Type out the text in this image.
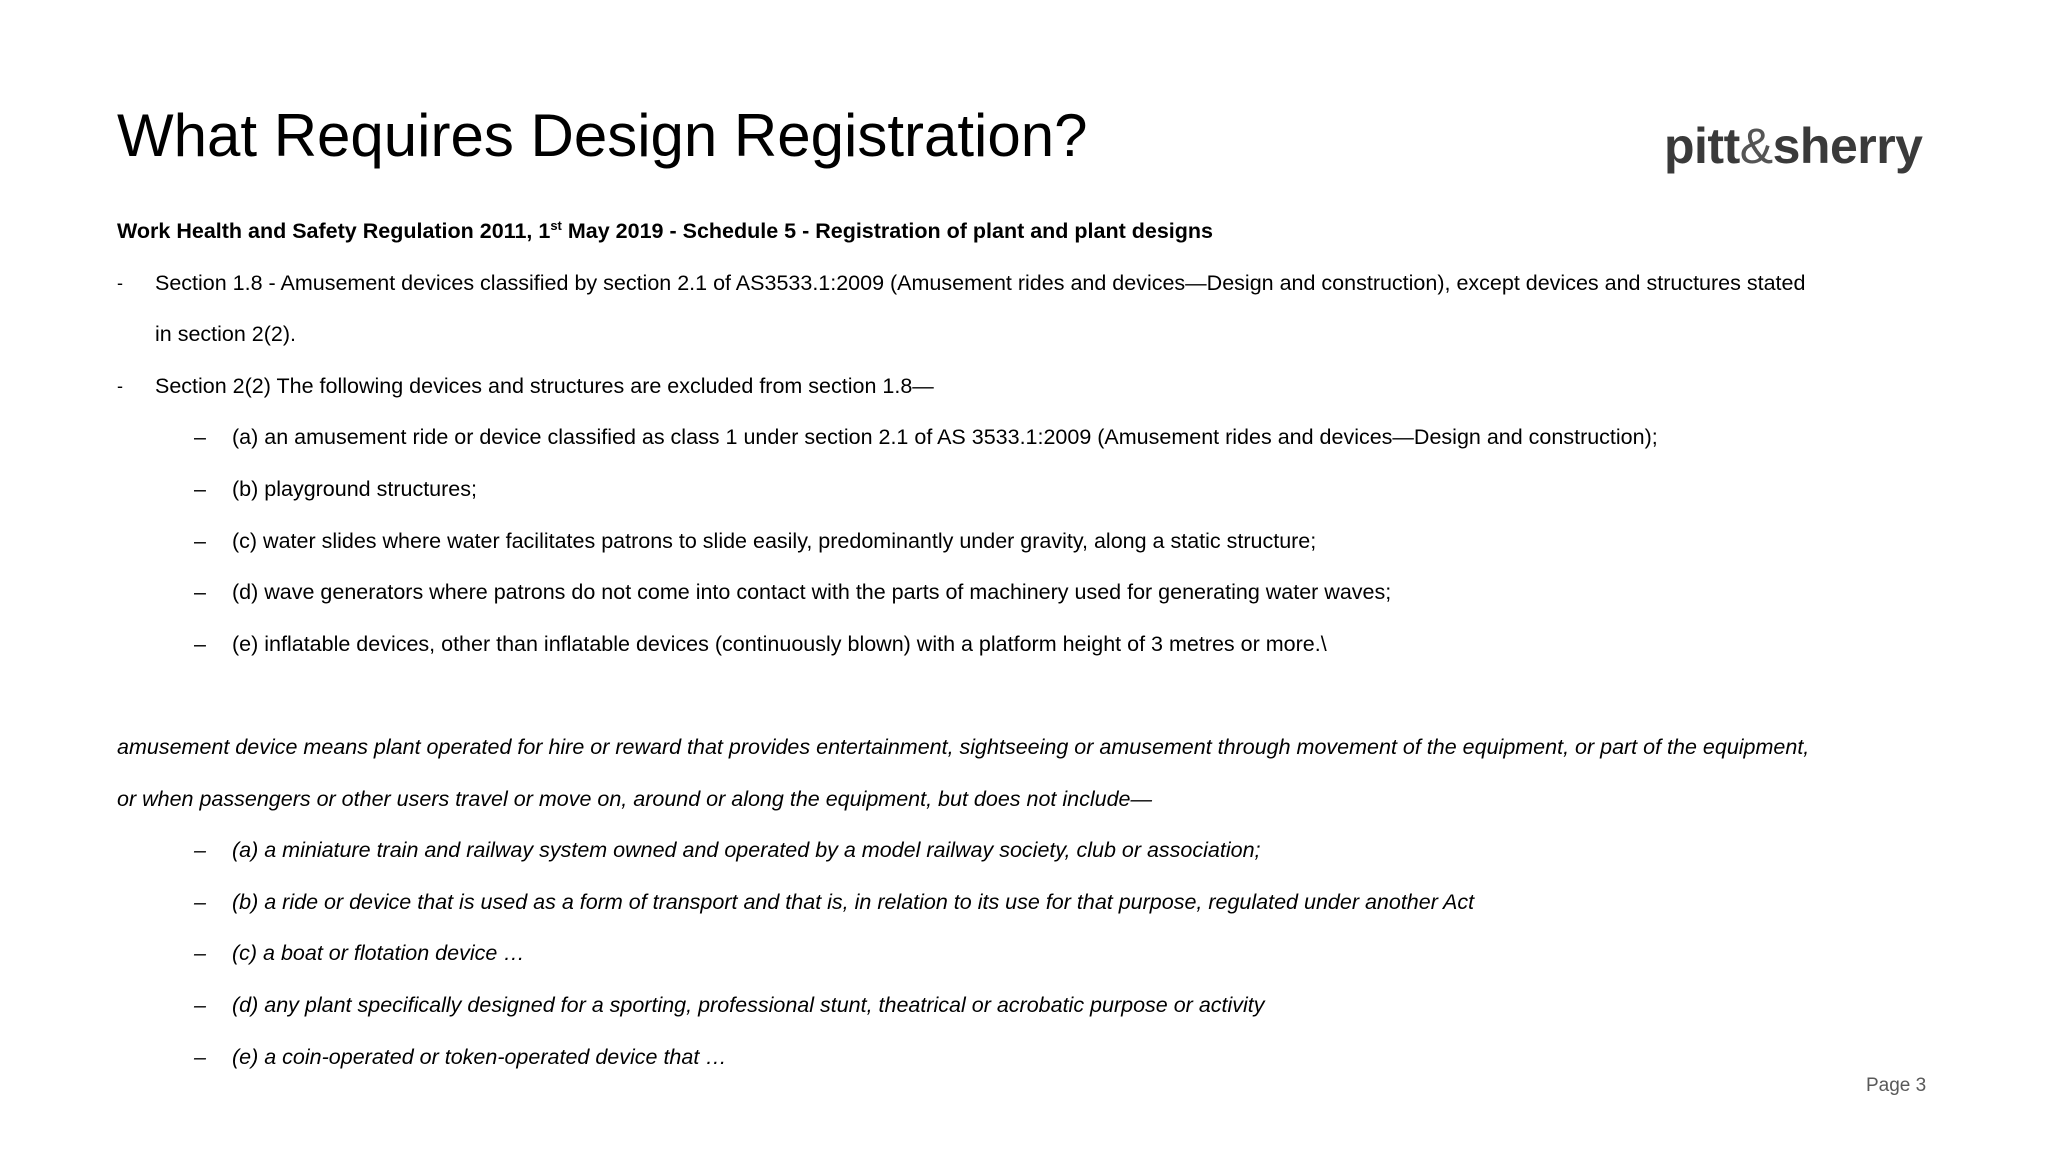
What Requires Design Registration?	pitt&sherry
Work Health and Safety Regulation 2011, 1st May 2019 - Schedule 5 - Registration of plant and plant designs
-	Section 1.8 - Amusement devices classified by section 2.1 of AS3533.1:2009 (Amusement rides and devices—Design and construction), except devices and structures stated
in section 2(2).
-	Section 2(2) The following devices and structures are excluded from section 1.8—
–	(a) an amusement ride or device classified as class 1 under section 2.1 of AS 3533.1:2009 (Amusement rides and devices—Design and construction);
–	(b) playground structures;
–	(c) water slides where water facilitates patrons to slide easily, predominantly under gravity, along a static structure;
–	(d) wave generators where patrons do not come into contact with the parts of machinery used for generating water waves;
–	(e) inflatable devices, other than inflatable devices (continuously blown) with a platform height of 3 metres or more.\
amusement device means plant operated for hire or reward that provides entertainment, sightseeing or amusement through movement of the equipment, or part of the equipment,
or when passengers or other users travel or move on, around or along the equipment, but does not include—
–	(a) a miniature train and railway system owned and operated by a model railway society, club or association;
–	(b) a ride or device that is used as a form of transport and that is, in relation to its use for that purpose, regulated under another Act
–	(c) a boat or flotation device …
–	(d) any plant specifically designed for a sporting, professional stunt, theatrical or acrobatic purpose or activity
–	(e) a coin-operated or token-operated device that …
Page 3
